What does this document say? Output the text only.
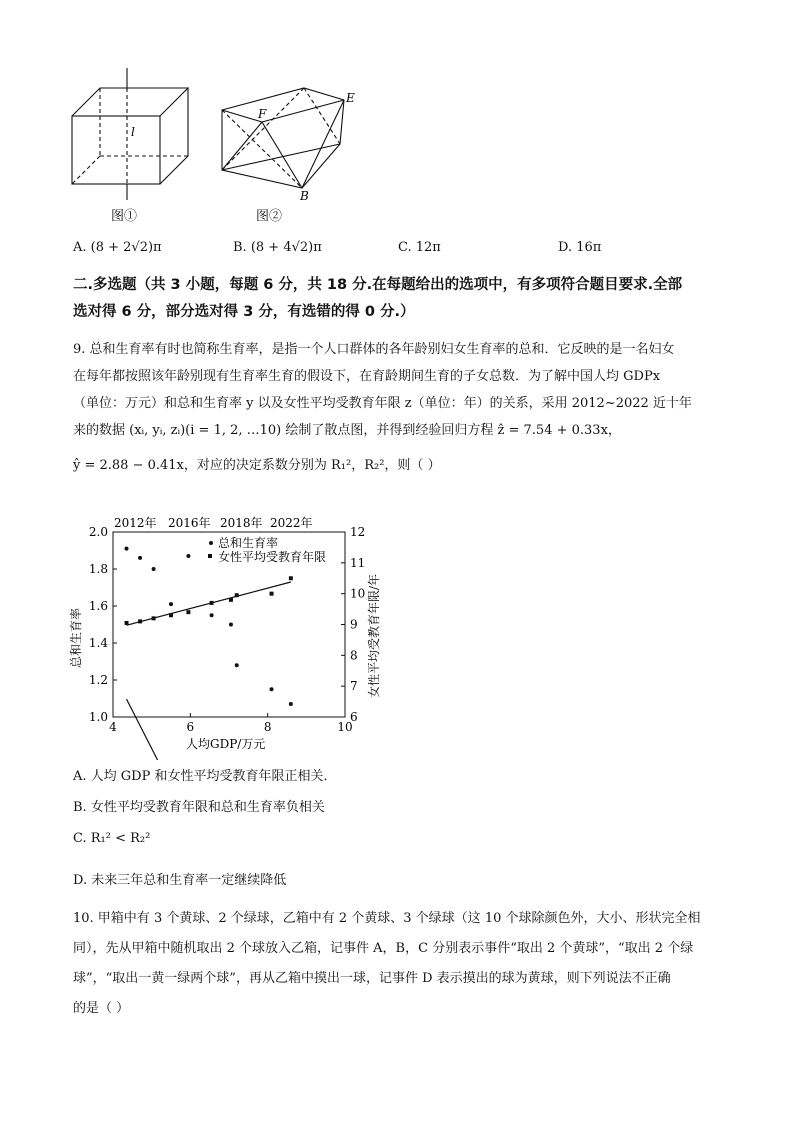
l
图①
E
F
B
图②
A. (8 + 2√2)π	B. (8 + 4√2)π	C. 12π	D. 16π
二.多选题（共 3 小题，每题 6 分，共 18 分.在每题给出的选项中，有多项符合题目要求.全部
选对得 6 分，部分选对得 3 分，有选错的得 0 分.）
9. 总和生育率有时也简称生育率，是指一个人口群体的各年龄别妇女生育率的总和．它反映的是一名妇女
在每年都按照该年龄别现有生育率生育的假设下，在育龄期间生育的子女总数．为了解中国人均 GDPx
（单位：万元）和总和生育率 y 以及女性平均受教育年限 z（单位：年）的关系，采用 2012~2022 近十年
来的数据 (xᵢ, yᵢ, zᵢ)(i = 1, 2, …10) 绘制了散点图，并得到经验回归方程 ẑ = 7.54 + 0.33x，
ŷ = 2.88 − 0.41x，对应的决定系数分别为 R₁²，R₂²，则（ ）
4	6	8	10
1.0
1.2
1.4
1.6
1.8
2.0
6
7
8
9
10
11
12
2012年 2016年 2018年 2022年
总和生育率
女性平均受教育年限
人均GDP/万元
总和生育率	女性平均受教育年限/年
A. 人均 GDP 和女性平均受教育年限正相关．
B. 女性平均受教育年限和总和生育率负相关
C. R₁² < R₂²
D. 未来三年总和生育率一定继续降低
10. 甲箱中有 3 个黄球、2 个绿球，乙箱中有 2 个黄球、3 个绿球（这 10 个球除颜色外，大小、形状完全相
同），先从甲箱中随机取出 2 个球放入乙箱，记事件 A，B，C 分别表示事件“取出 2 个黄球”，“取出 2 个绿
球”，“取出一黄一绿两个球”，再从乙箱中摸出一球，记事件 D 表示摸出的球为黄球，则下列说法不正确
的是（ ）
